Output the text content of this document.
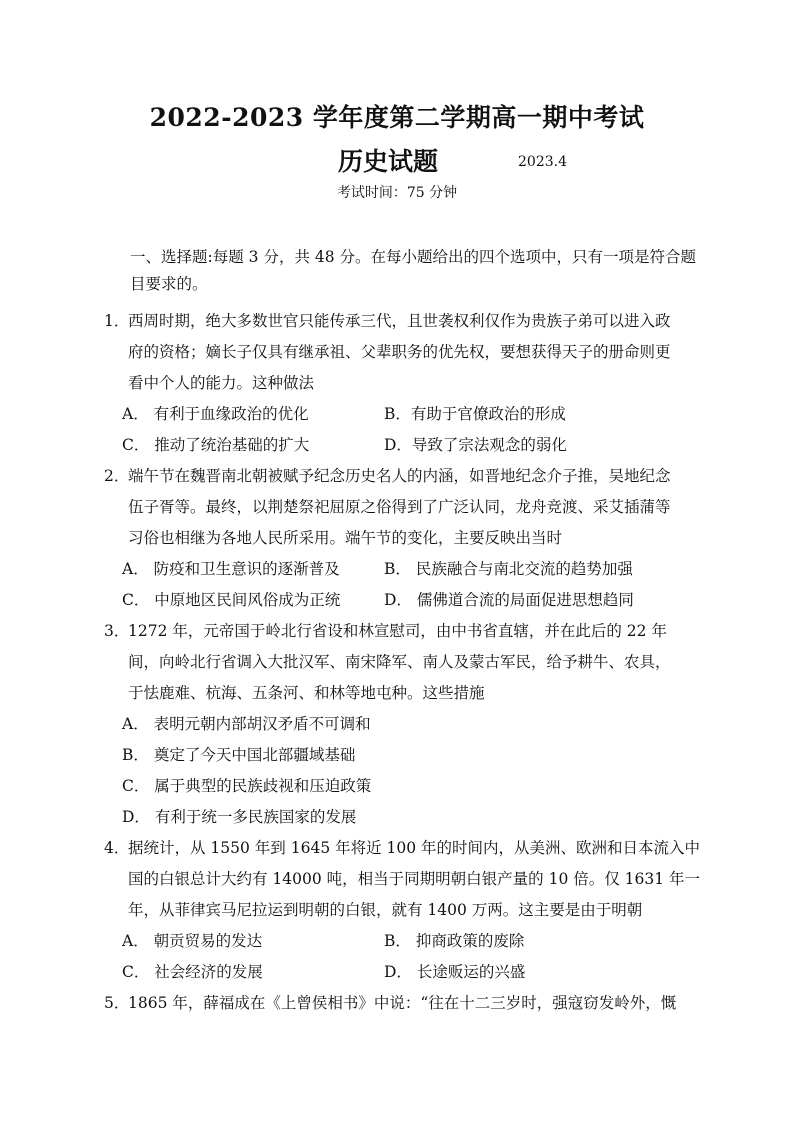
2022-2023 学年度第二学期高一期中考试
历史试题	2023.4
考试时间：75 分钟
一、选择题:每题 3 分，共 48 分。在每小题给出的四个选项中，只有一项是符合题
目要求的。
1．
西周时期，绝大多数世官只能传承三代，且世袭权利仅作为贵族子弟可以进入政
府的资格；嫡长子仅具有继承祖、父辈职务的优先权，要想获得天子的册命则更
看中个人的能力。这种做法
A． 有利于血缘政治的优化	B．有助于官僚政治的形成
C． 推动了统治基础的扩大	D．导致了宗法观念的弱化
2．
端午节在魏晋南北朝被赋予纪念历史名人的内涵，如晋地纪念介子推，吴地纪念
伍子胥等。最终，以荆楚祭祀屈原之俗得到了广泛认同，龙舟竞渡、采艾插蒲等
习俗也相继为各地人民所采用。端午节的变化，主要反映出当时
A． 防疫和卫生意识的逐渐普及	B． 民族融合与南北交流的趋势加强
C． 中原地区民间风俗成为正统	D． 儒佛道合流的局面促进思想趋同
3．
1272 年，元帝国于岭北行省设和林宣慰司，由中书省直辖，并在此后的 22 年
间，向岭北行省调入大批汉军、南宋降军、南人及蒙古军民，给予耕牛、农具，
于怯鹿难、杭海、五条河、和林等地屯种。这些措施
A． 表明元朝内部胡汉矛盾不可调和
B． 奠定了今天中国北部疆域基础
C． 属于典型的民族歧视和压迫政策
D． 有利于统一多民族国家的发展
4．
据统计，从 1550 年到 1645 年将近 100 年的时间内，从美洲、欧洲和日本流入中
国的白银总计大约有 14000 吨，相当于同期明朝白银产量的 10 倍。仅 1631 年一
年，从菲律宾马尼拉运到明朝的白银，就有 1400 万两。这主要是由于明朝
A． 朝贡贸易的发达	B． 抑商政策的废除
C． 社会经济的发展	D． 长途贩运的兴盛
5．
1865 年，薛福成在《上曾侯相书》中说：“往在十二三岁时，强寇窃发岭外，慨
